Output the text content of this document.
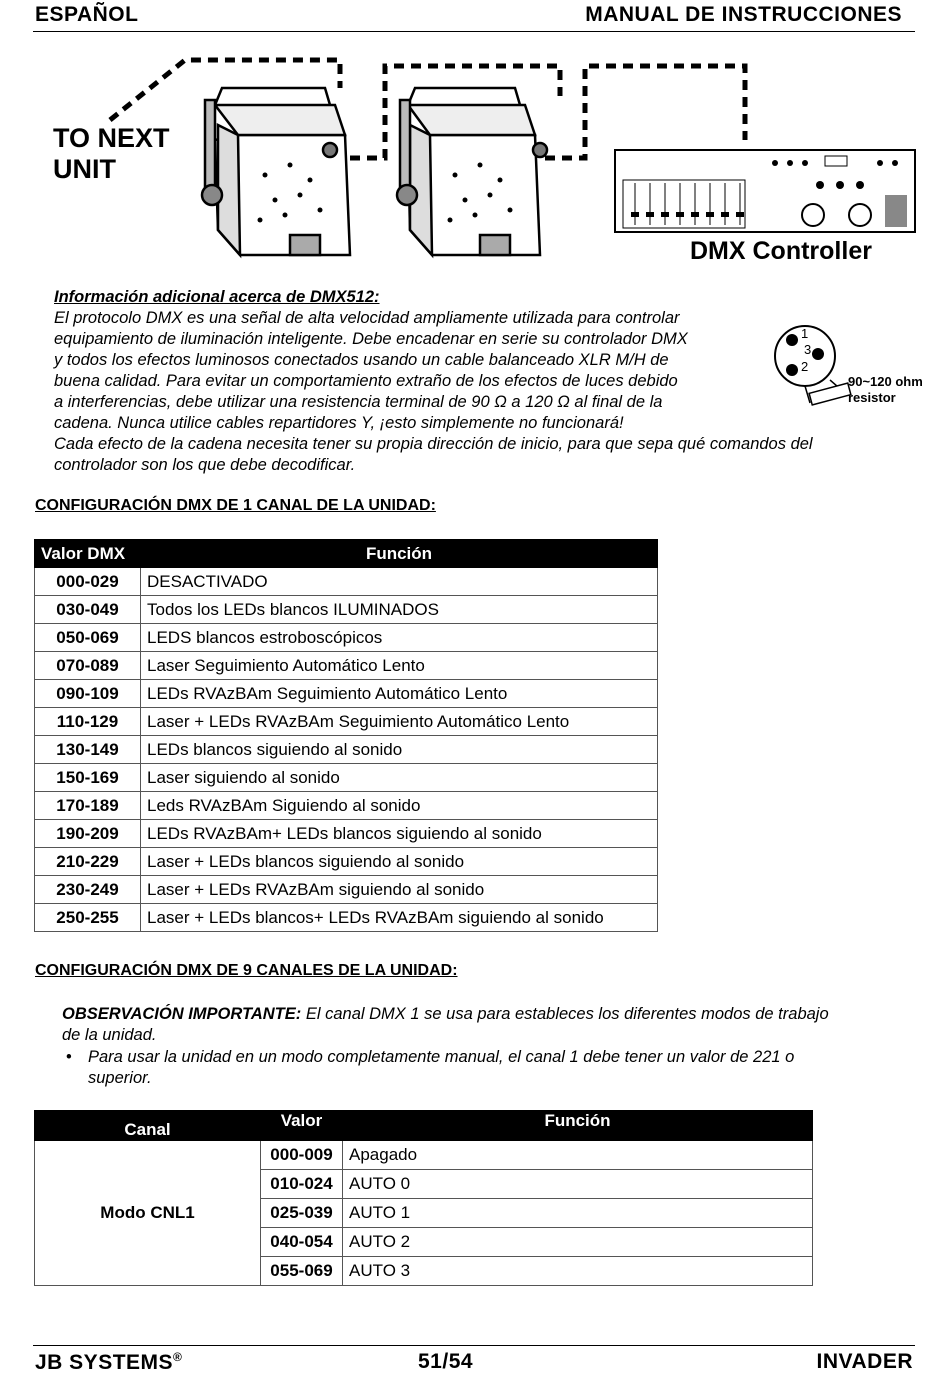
ESPAÑOL	MANUAL DE INSTRUCCIONES
TO NEXT
UNIT
DMX Controller
Información adicional acerca de DMX512:
El protocolo DMX es una señal de alta velocidad ampliamente utilizada para controlar
equipamiento de iluminación inteligente. Debe encadenar en serie su controlador DMX
y todos los efectos luminosos conectados usando un cable balanceado XLR M/H de
buena calidad. Para evitar un comportamiento extraño de los efectos de luces debido
a interferencias, debe utilizar una resistencia terminal de 90 Ω a 120 Ω al final de la
cadena. Nunca utilice cables repartidores Y, ¡esto simplemente no funcionará!
Cada efecto de la cadena necesita tener su propia dirección de inicio, para que sepa qué comandos del
controlador son los que debe decodificar.
1
3
2
90~120 ohm
resistor
CONFIGURACIÓN DMX DE 1 CANAL DE LA UNIDAD:
Valor DMX	Función
000-029	DESACTIVADO
030-049	Todos los LEDs blancos ILUMINADOS
050-069	LEDS blancos estroboscópicos
070-089	Laser Seguimiento Automático Lento
090-109	LEDs RVAzBAm Seguimiento Automático Lento
110-129	Laser + LEDs RVAzBAm Seguimiento Automático Lento
130-149	LEDs blancos siguiendo al sonido
150-169	Laser siguiendo al sonido
170-189	Leds RVAzBAm Siguiendo al sonido
190-209	LEDs RVAzBAm+ LEDs blancos siguiendo al sonido
210-229	Laser + LEDs blancos siguiendo al sonido
230-249	Laser + LEDs RVAzBAm siguiendo al sonido
250-255	Laser + LEDs blancos+ LEDs RVAzBAm siguiendo al sonido
CONFIGURACIÓN DMX DE 9 CANALES DE LA UNIDAD:
OBSERVACIÓN IMPORTANTE: El canal DMX 1 se usa para estableces los diferentes modos de trabajo
de la unidad.
• Para usar la unidad en un modo completamente manual, el canal 1 debe tener un valor de 221 o
superior.
Canal	Valor	Función
Modo CNL1	000-009	Apagado
	010-024	AUTO 0
	025-039	AUTO 1
	040-054	AUTO 2
	055-069	AUTO 3
JB SYSTEMS®	51/54	INVADER
